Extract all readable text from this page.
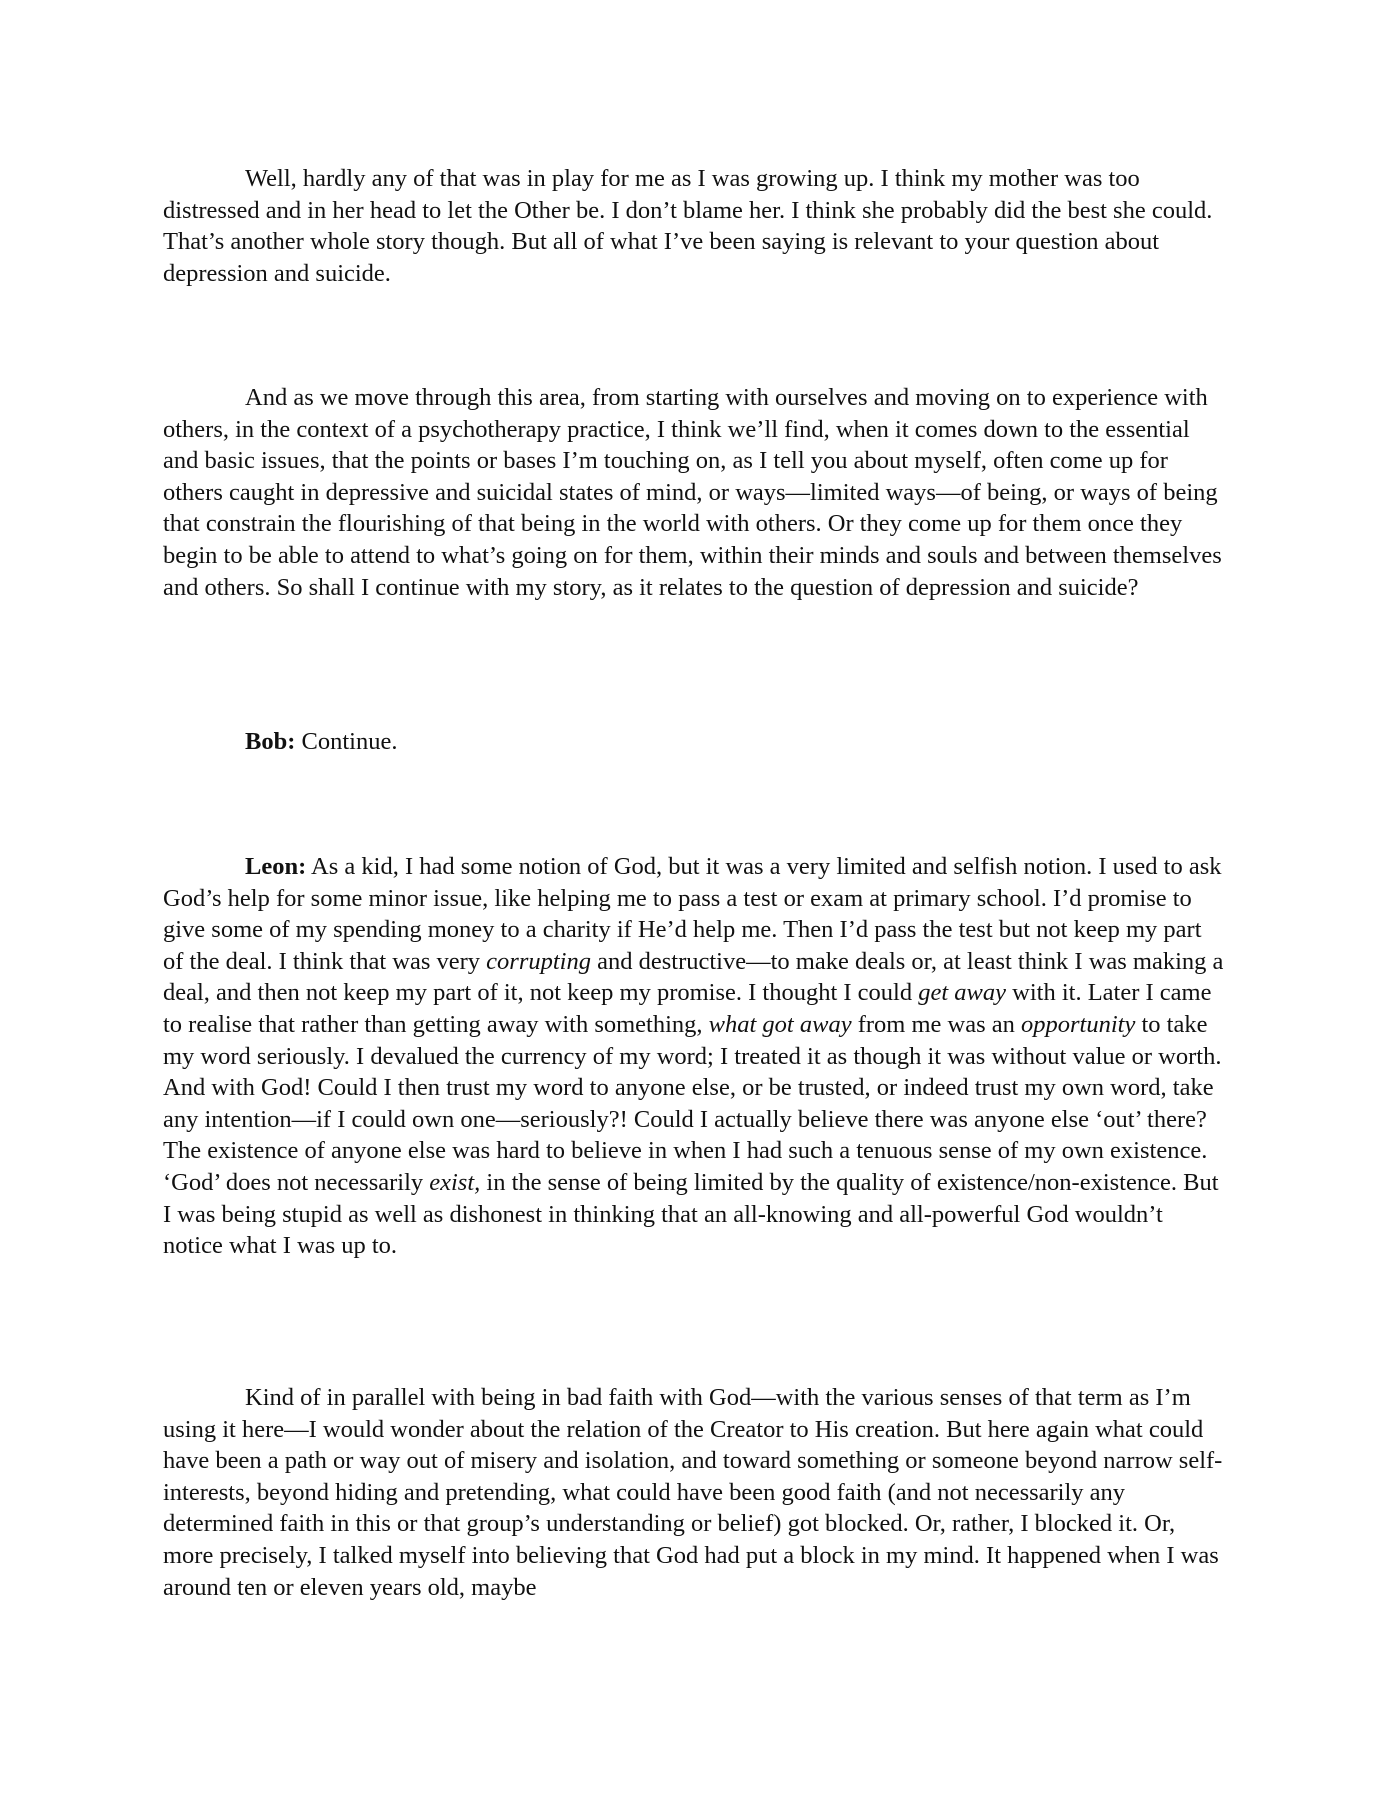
Well, hardly any of that was in play for me as I was growing up. I think my mother was too distressed and in her head to let the Other be. I don’t blame her. I think she probably did the best she could. That’s another whole story though. But all of what I’ve been saying is relevant to your question about depression and suicide.

And as we move through this area, from starting with ourselves and moving on to experience with others, in the context of a psychotherapy practice, I think we’ll find, when it comes down to the essential and basic issues, that the points or bases I’m touching on, as I tell you about myself, often come up for others caught in depressive and suicidal states of mind, or ways—limited ways—of being, or ways of being that constrain the flourishing of that being in the world with others. Or they come up for them once they begin to be able to attend to what’s going on for them, within their minds and souls and between themselves and others. So shall I continue with my story, as it relates to the question of depression and suicide?

Bob: Continue.

Leon: As a kid, I had some notion of God, but it was a very limited and selfish notion. I used to ask God’s help for some minor issue, like helping me to pass a test or exam at primary school. I’d promise to give some of my spending money to a charity if He’d help me. Then I’d pass the test but not keep my part of the deal. I think that was very corrupting and destructive—to make deals or, at least think I was making a deal, and then not keep my part of it, not keep my promise. I thought I could get away with it. Later I came to realise that rather than getting away with something, what got away from me was an opportunity to take my word seriously. I devalued the currency of my word; I treated it as though it was without value or worth. And with God! Could I then trust my word to anyone else, or be trusted, or indeed trust my own word, take any intention—if I could own one—seriously?! Could I actually believe there was anyone else ‘out’ there? The existence of anyone else was hard to believe in when I had such a tenuous sense of my own existence. ‘God’ does not necessarily exist, in the sense of being limited by the quality of existence/non-existence. But I was being stupid as well as dishonest in thinking that an all-knowing and all-powerful God wouldn’t notice what I was up to.

Kind of in parallel with being in bad faith with God—with the various senses of that term as I’m using it here—I would wonder about the relation of the Creator to His creation. But here again what could have been a path or way out of misery and isolation, and toward something or someone beyond narrow self-interests, beyond hiding and pretending, what could have been good faith (and not necessarily any determined faith in this or that group’s understanding or belief) got blocked. Or, rather, I blocked it. Or, more precisely, I talked myself into believing that God had put a block in my mind. It happened when I was around ten or eleven years old, maybe
